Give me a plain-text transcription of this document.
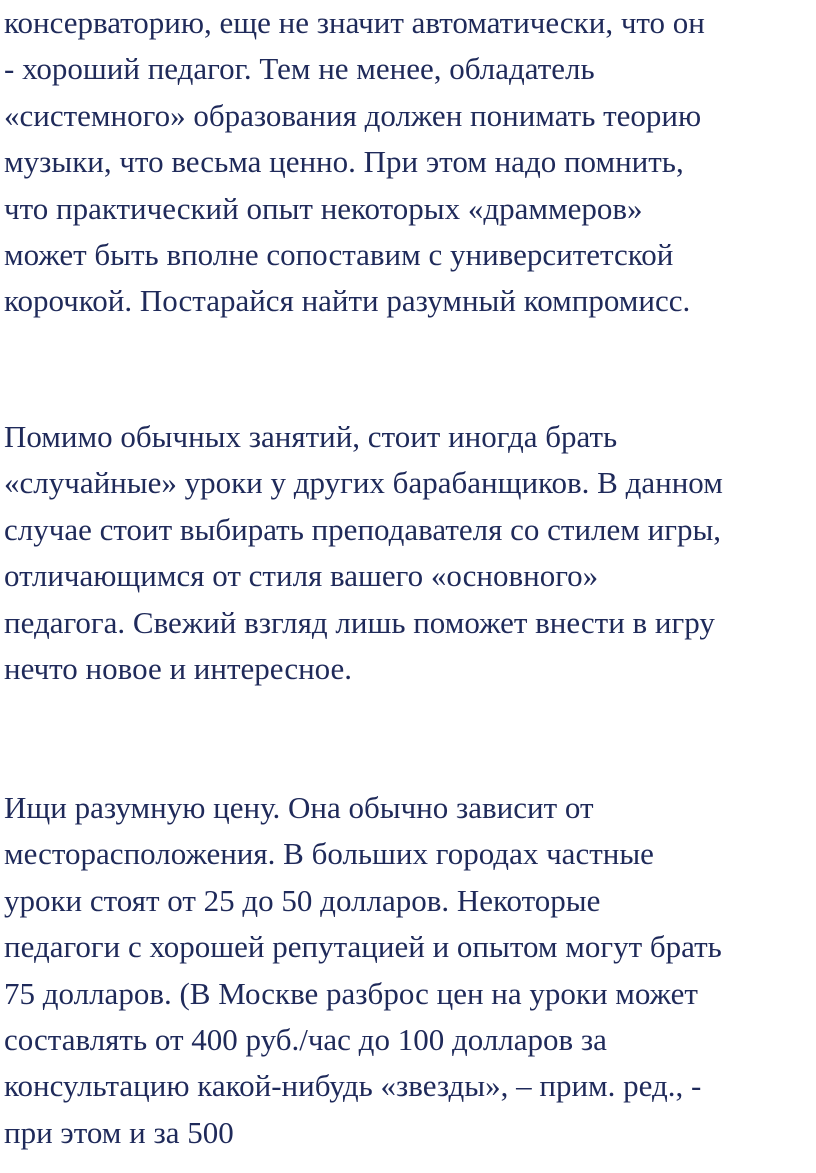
консерваторию, еще не значит автоматически, что он
- хороший педагог. Тем не менее, обладатель
«системного» образования должен понимать теорию
музыки, что весьма ценно. При этом надо помнить,
что практический опыт некоторых «драммеров»
может быть вполне сопоставим с университетской
корочкой. Постарайся найти разумный компромисс.

Помимо обычных занятий, стоит иногда брать
«случайные» уроки у других барабанщиков. В данном
случае стоит выбирать преподавателя со стилем игры,
отличающимся от стиля вашего «основного»
педагога. Свежий взгляд лишь поможет внести в игру
нечто новое и интересное.

Ищи разумную цену. Она обычно зависит от
месторасположения. В больших городах частные
уроки стоят от 25 до 50 долларов. Некоторые
педагоги с хорошей репутацией и опытом могут брать
75 долларов. (В Москве разброс цен на уроки может
составлять от 400 руб./час до 100 долларов за
консультацию какой-нибудь «звезды», – прим. ред., -
при этом и за 500
